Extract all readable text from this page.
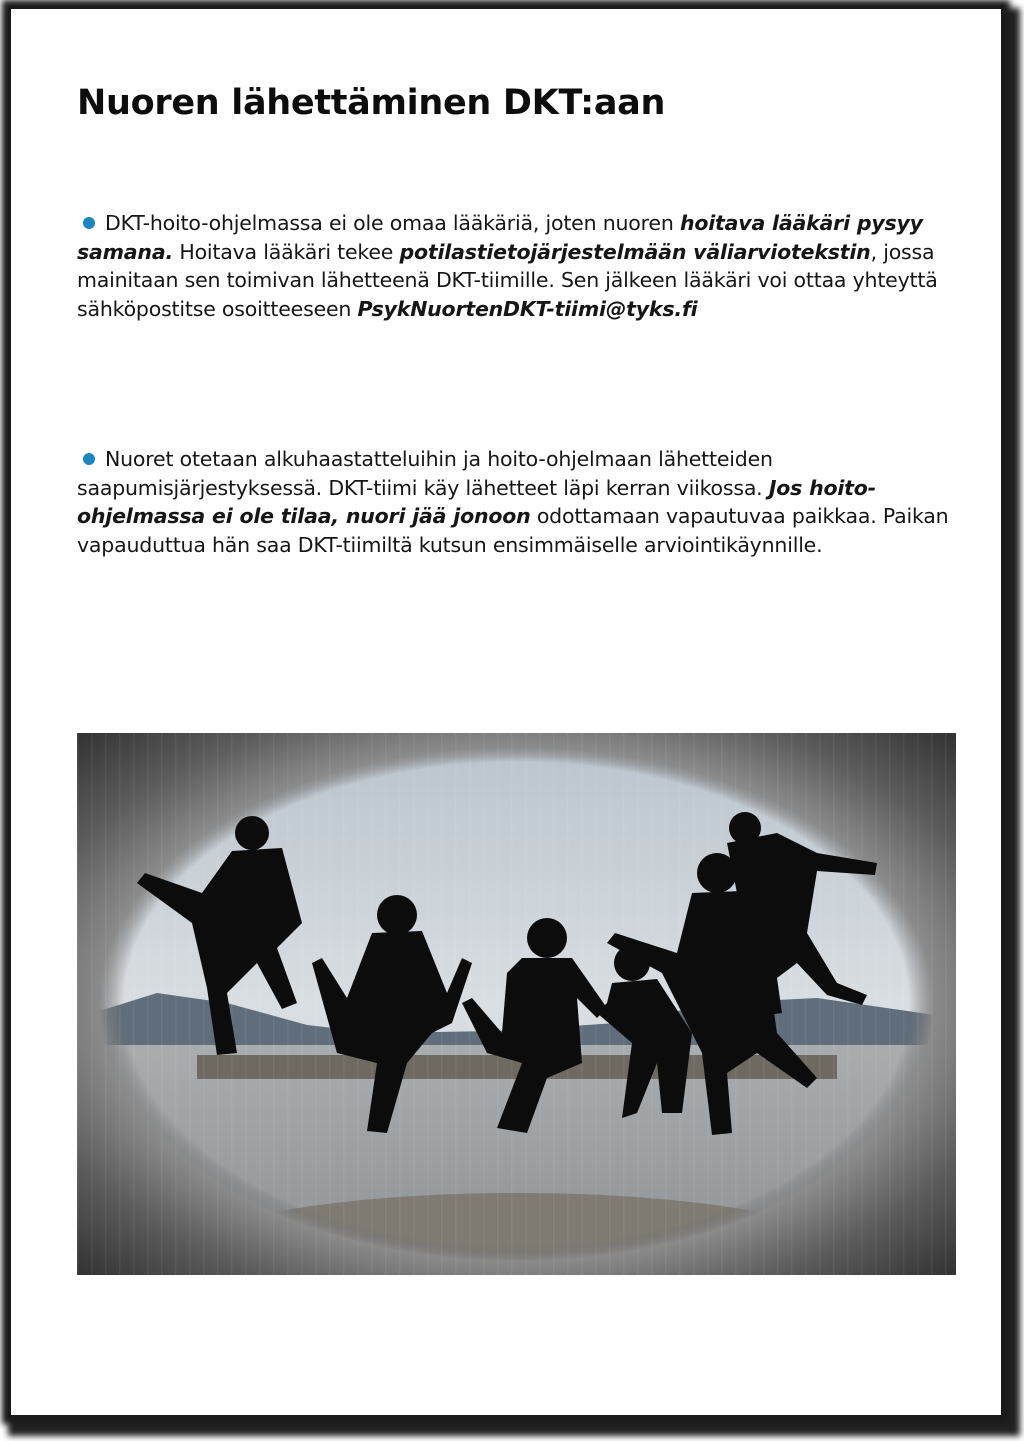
Nuoren lähettäminen DKT:aan

DKT-hoito-ohjelmassa ei ole omaa lääkäriä, joten nuoren hoitava lääkäri pysyy samana. Hoitava lääkäri tekee potilastietojärjestelmään väliarviotekstin, jossa mainitaan sen toimivan lähetteenä DKT-tiimille. Sen jälkeen lääkäri voi ottaa yhteyttä sähköpostitse osoitteeseen PsykNuortenDKT-tiimi@tyks.fi

Nuoret otetaan alkuhaastatteluihin ja hoito-ohjelmaan lähetteiden saapumisjärjestyksessä. DKT-tiimi käy lähetteet läpi kerran viikossa. Jos hoito-ohjelmassa ei ole tilaa, nuori jää jonoon odottamaan vapautuvaa paikkaa. Paikan vapauduttua hän saa DKT-tiimiltä kutsun ensimmäiselle arviointikäynnille.
